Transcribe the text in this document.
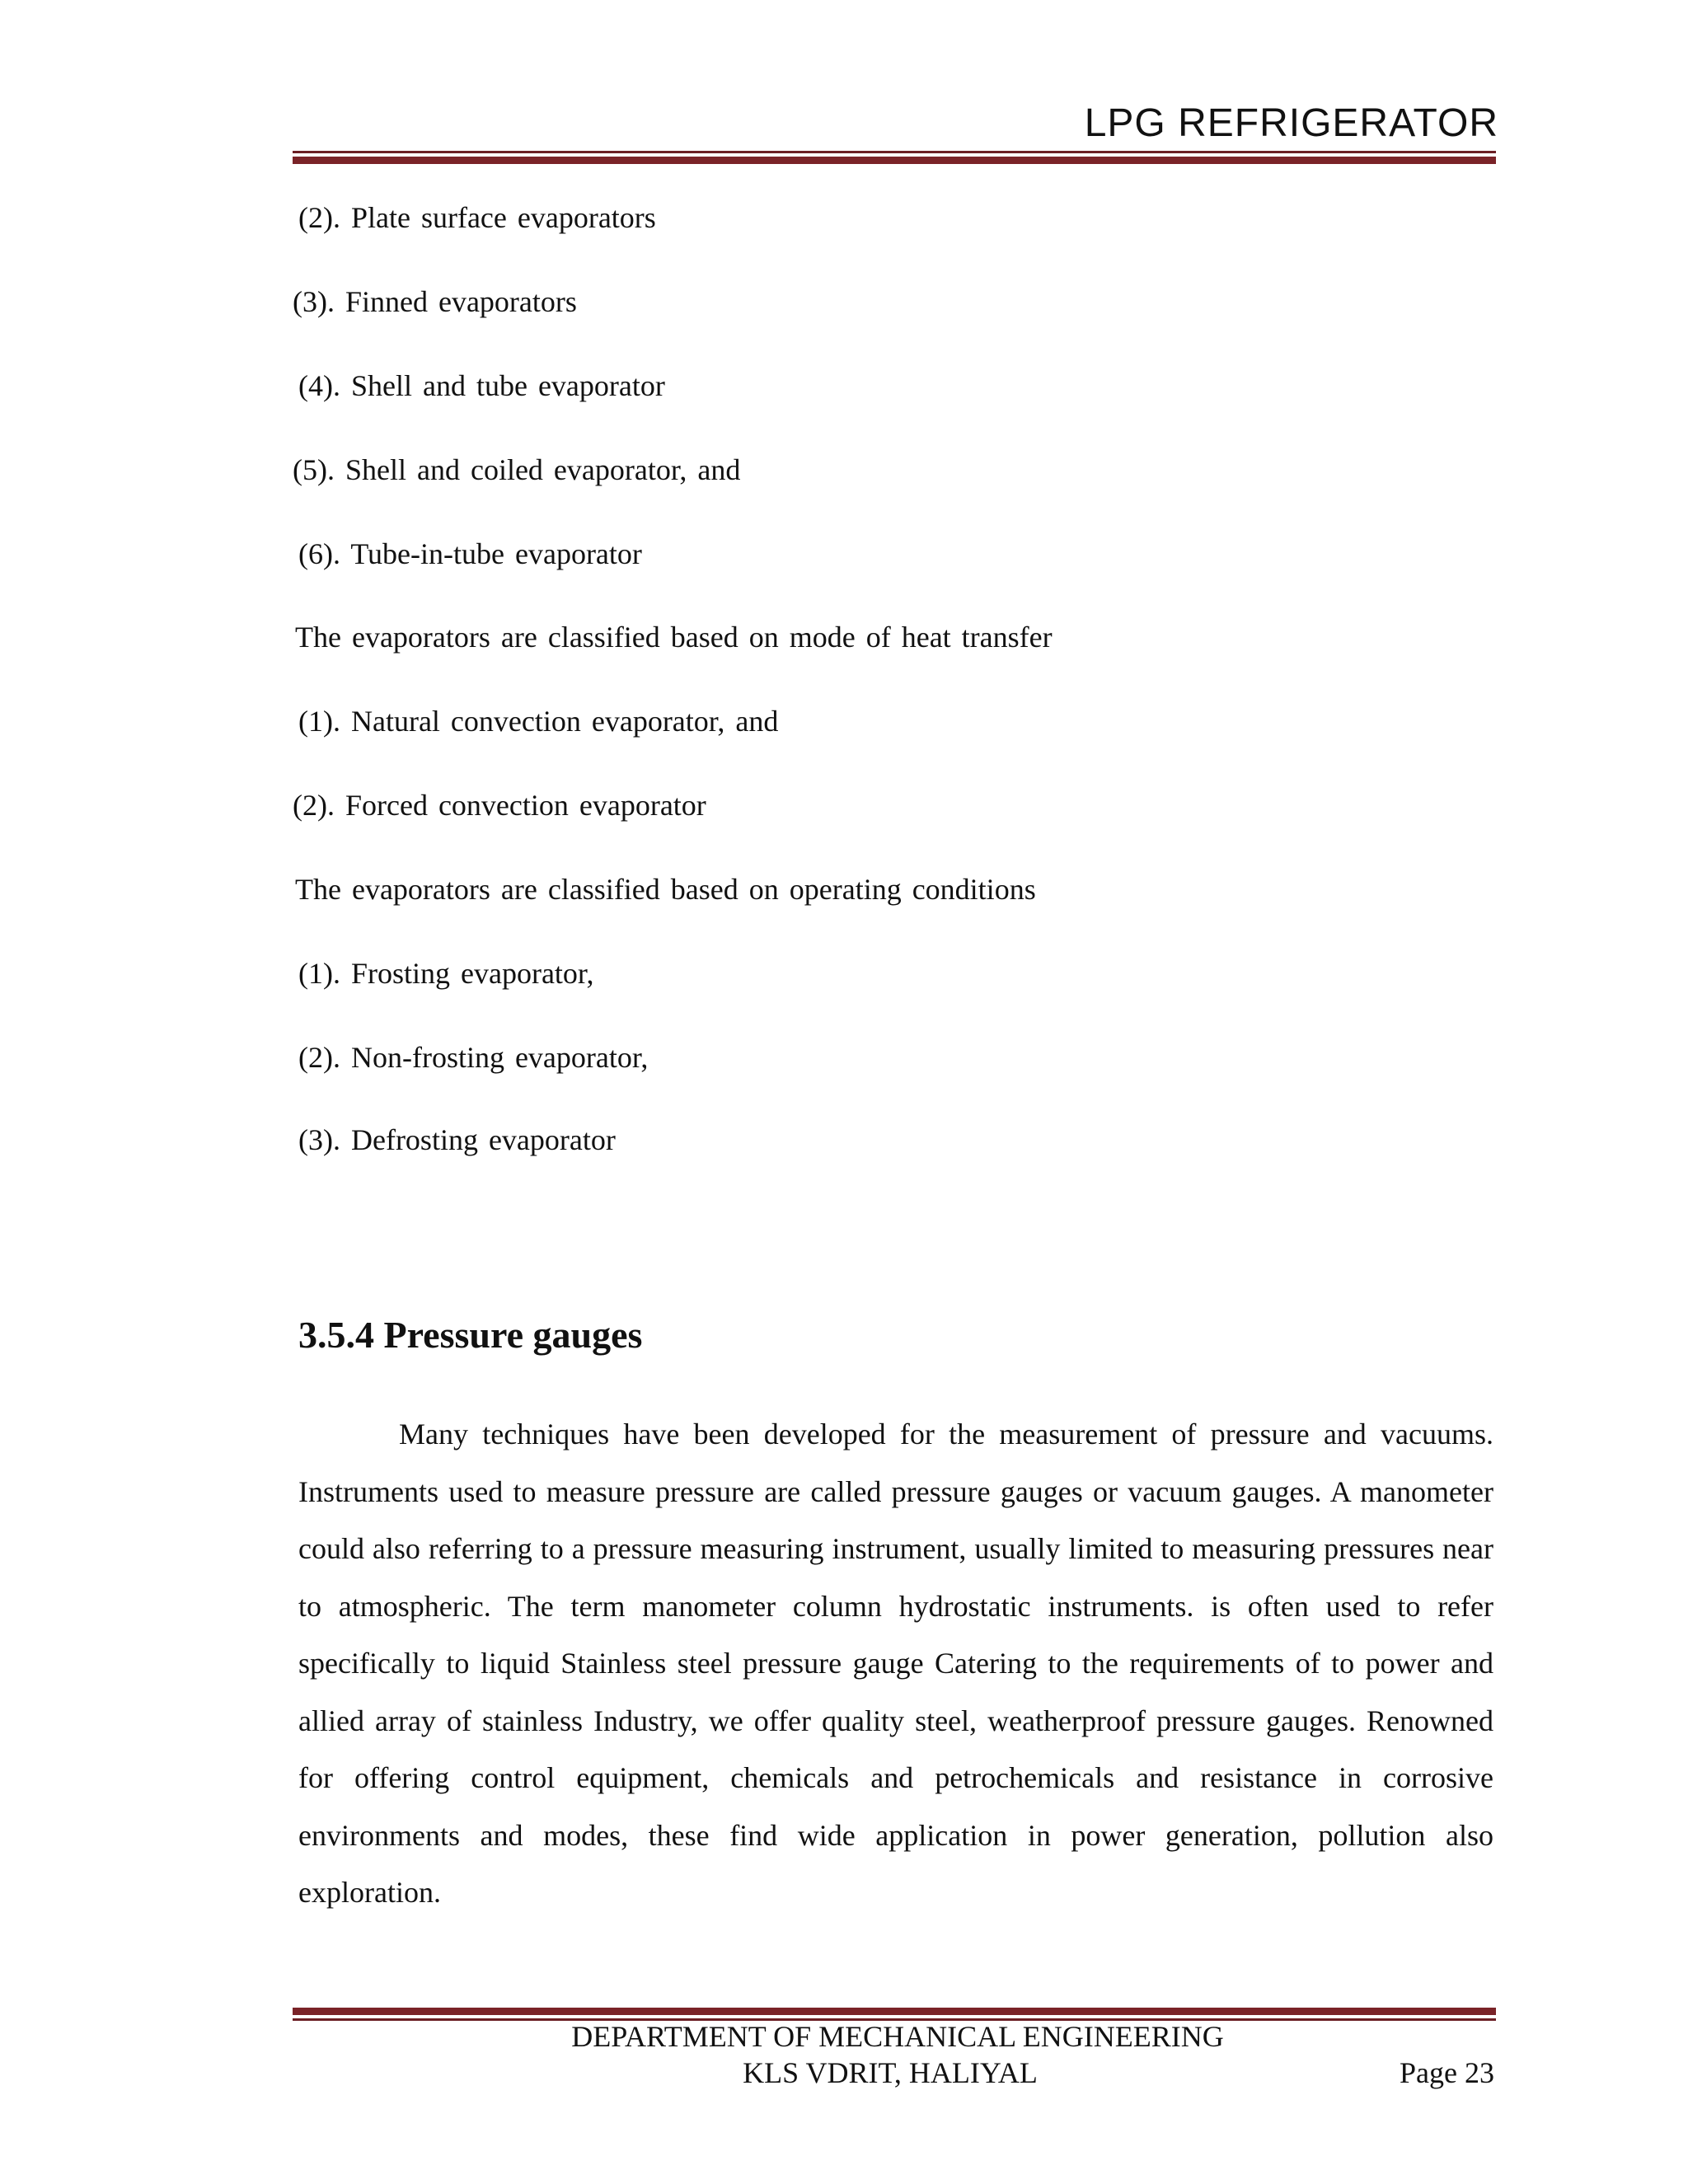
LPG REFRIGERATOR
(2). Plate surface evaporators
(3). Finned evaporators
(4). Shell and tube evaporator
(5). Shell and coiled evaporator, and
(6). Tube-in-tube evaporator
The evaporators are classified based on mode of heat transfer
(1). Natural convection evaporator, and
(2). Forced convection evaporator
The evaporators are classified based on operating conditions
(1). Frosting evaporator,
(2). Non-frosting evaporator,
(3). Defrosting evaporator
3.5.4 Pressure gauges

Many techniques have been developed for the measurement of pressure and vacuums. Instruments used to measure pressure are called pressure gauges or vacuum gauges. A manometer could also referring to a pressure measuring instrument, usually limited to measuring pressures near to atmospheric. The term manometer column hydrostatic instruments. is often used to refer specifically to liquid Stainless steel pressure gauge Catering to the requirements of to power and allied array of stainless Industry, we offer quality steel, weatherproof pressure gauges. Renowned for offering control equipment, chemicals and petrochemicals and resistance in corrosive environments and modes, these find wide application in power generation, pollution also exploration.

DEPARTMENT OF MECHANICAL ENGINEERING
KLS VDRIT, HALIYAL	Page 23
